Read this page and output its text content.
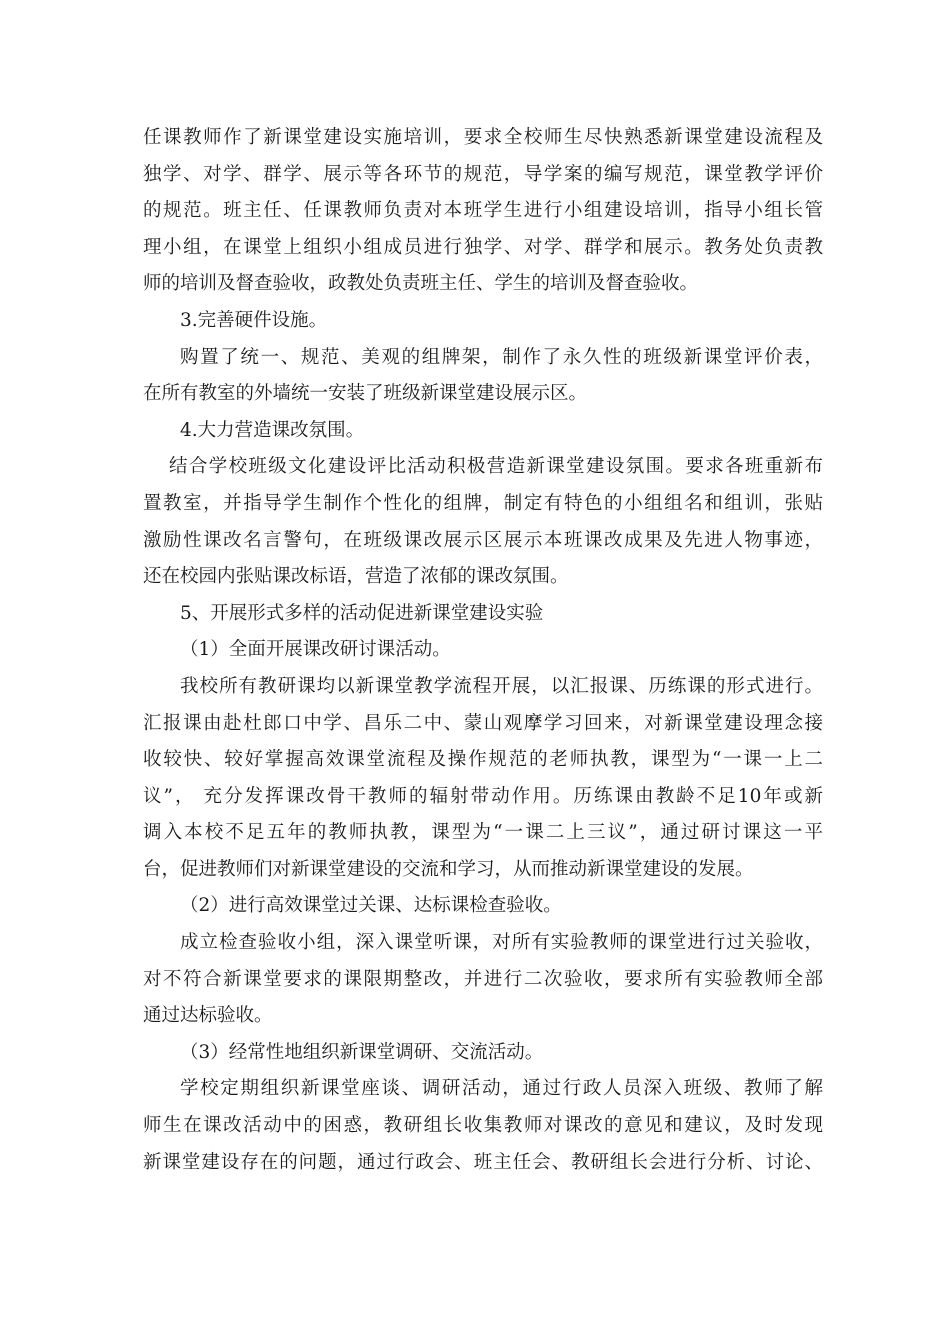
任课教师作了新课堂建设实施培训，要求全校师生尽快熟悉新课堂建设流程及
独学、对学、群学、展示等各环节的规范，导学案的编写规范，课堂教学评价
的规范。班主任、任课教师负责对本班学生进行小组建设培训，指导小组长管
理小组，在课堂上组织小组成员进行独学、对学、群学和展示。教务处负责教
师的培训及督查验收，政教处负责班主任、学生的培训及督查验收。
3.完善硬件设施。
购置了统一、规范、美观的组牌架，制作了永久性的班级新课堂评价表，
在所有教室的外墙统一安装了班级新课堂建设展示区。
4.大力营造课改氛围。
结合学校班级文化建设评比活动积极营造新课堂建设氛围。要求各班重新布
置教室，并指导学生制作个性化的组牌，制定有特色的小组组名和组训，张贴
激励性课改名言警句，在班级课改展示区展示本班课改成果及先进人物事迹，
还在校园内张贴课改标语，营造了浓郁的课改氛围。
5、开展形式多样的活动促进新课堂建设实验
（1）全面开展课改研讨课活动。
我校所有教研课均以新课堂教学流程开展，以汇报课、历练课的形式进行。
汇报课由赴杜郎口中学、昌乐二中、蒙山观摩学习回来，对新课堂建设理念接
收较快、较好掌握高效课堂流程及操作规范的老师执教，课型为“一课一上二
议”， 充分发挥课改骨干教师的辐射带动作用。历练课由教龄不足10年或新
调入本校不足五年的教师执教，课型为“一课二上三议”，通过研讨课这一平
台，促进教师们对新课堂建设的交流和学习，从而推动新课堂建设的发展。
（2）进行高效课堂过关课、达标课检查验收。
成立检查验收小组，深入课堂听课，对所有实验教师的课堂进行过关验收，
对不符合新课堂要求的课限期整改，并进行二次验收，要求所有实验教师全部
通过达标验收。
（3）经常性地组织新课堂调研、交流活动。
学校定期组织新课堂座谈、调研活动，通过行政人员深入班级、教师了解
师生在课改活动中的困惑，教研组长收集教师对课改的意见和建议，及时发现
新课堂建设存在的问题，通过行政会、班主任会、教研组长会进行分析、讨论、
